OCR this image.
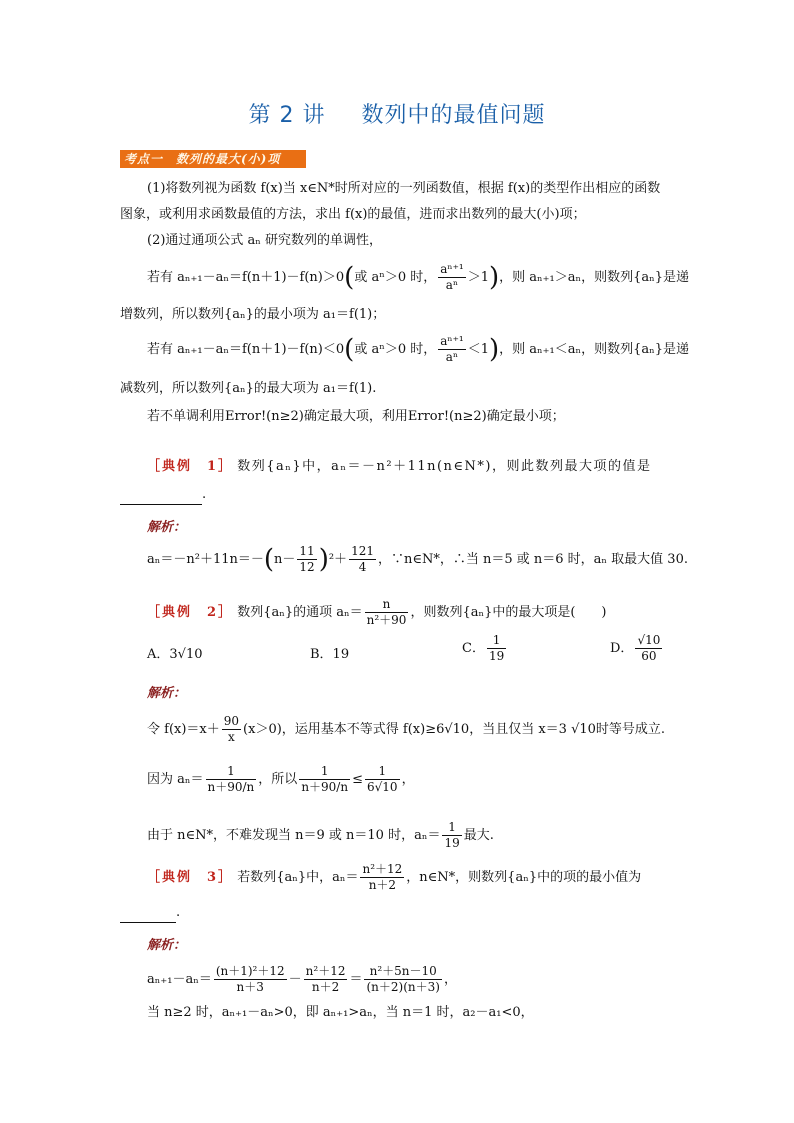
第 2 讲 数列中的最值问题
考点一　数列的最大(小)项
(1)将数列视为函数 f(x)当 x∈N*时所对应的一列函数值，根据 f(x)的类型作出相应的函数
图象，或利用求函数最值的方法，求出 f(x)的最值，进而求出数列的最大(小)项；
(2)通过通项公式 aₙ 研究数列的单调性，
若有 aₙ₊₁－aₙ＝f(n＋1)－f(n)＞0(或 aⁿ＞0 时， $\frac{\text{aⁿ⁺¹}}{\text{aⁿ}} >1$)，则 aₙ₊₁＞aₙ，则数列{aₙ}是递
增数列，所以数列{aₙ}的最小项为 a₁＝f(1)；
若有 aₙ₊₁－aₙ＝f(n＋1)－f(n)＜0(或 aⁿ＞0 时， $\frac{\text{aⁿ⁺¹}}{\text{aⁿ}} <1$)，则 aₙ₊₁＜aₙ，则数列{aₙ}是递
减数列，所以数列{aₙ}的最大项为 a₁＝f(1).
若不单调利用Error!(n≥2)确定最大项，利用Error!(n≥2)确定最小项；
［典例　1］ 数列{aₙ}中，aₙ＝－n²＋11n(n∈N*)，则此数列最大项的值是
.
解析：
$a_n=-n^2+11n=-(n- \frac{11}{12} )^2+ \frac{121}{4}$ ，∵n∈N*，∴当 n＝5 或 n＝6 时，aₙ 取最大值 30.
［典例　2］ 数列{aₙ}的通项 $a_n= \frac{n}{\text{n²＋90}}$ ，则数列{aₙ}中的最大项是(　　)
A．3√10	B．19	C． $\frac{1}{19}$	D． $\frac{√10}{60}$
解析：
令 $f(x)=x+ \frac{90}{x} (x>0)$，运用基本不等式得 f(x)≥6√10，当且仅当 x＝3 √10时等号成立.
因为 $a_n= \frac{1}{n+90/n}$ ，所以 $\frac{1}{n+90/n} \le \frac{1}{6√10}$ ，
由于 n∈N*，不难发现当 n＝9 或 n＝10 时，$a_n= \frac{1}{19}$ 最大.
［典例　3］ 若数列{aₙ}中，$a_n= \frac{\text{n²＋12}}{n+2}$ ，n∈N*，则数列{aₙ}中的项的最小值为
.
解析：
$a_{n+1}-a_n= \frac{\text{(n＋1)²＋12}}{n+3} - \frac{\text{n²＋12}}{n+2} = \frac{\text{n²＋5n－10}}{(n+2)(n+3)}$ ，
当 n≥2 时，aₙ₊₁－aₙ>0，即 aₙ₊₁>aₙ，当 n＝1 时，a₂－a₁<0，
